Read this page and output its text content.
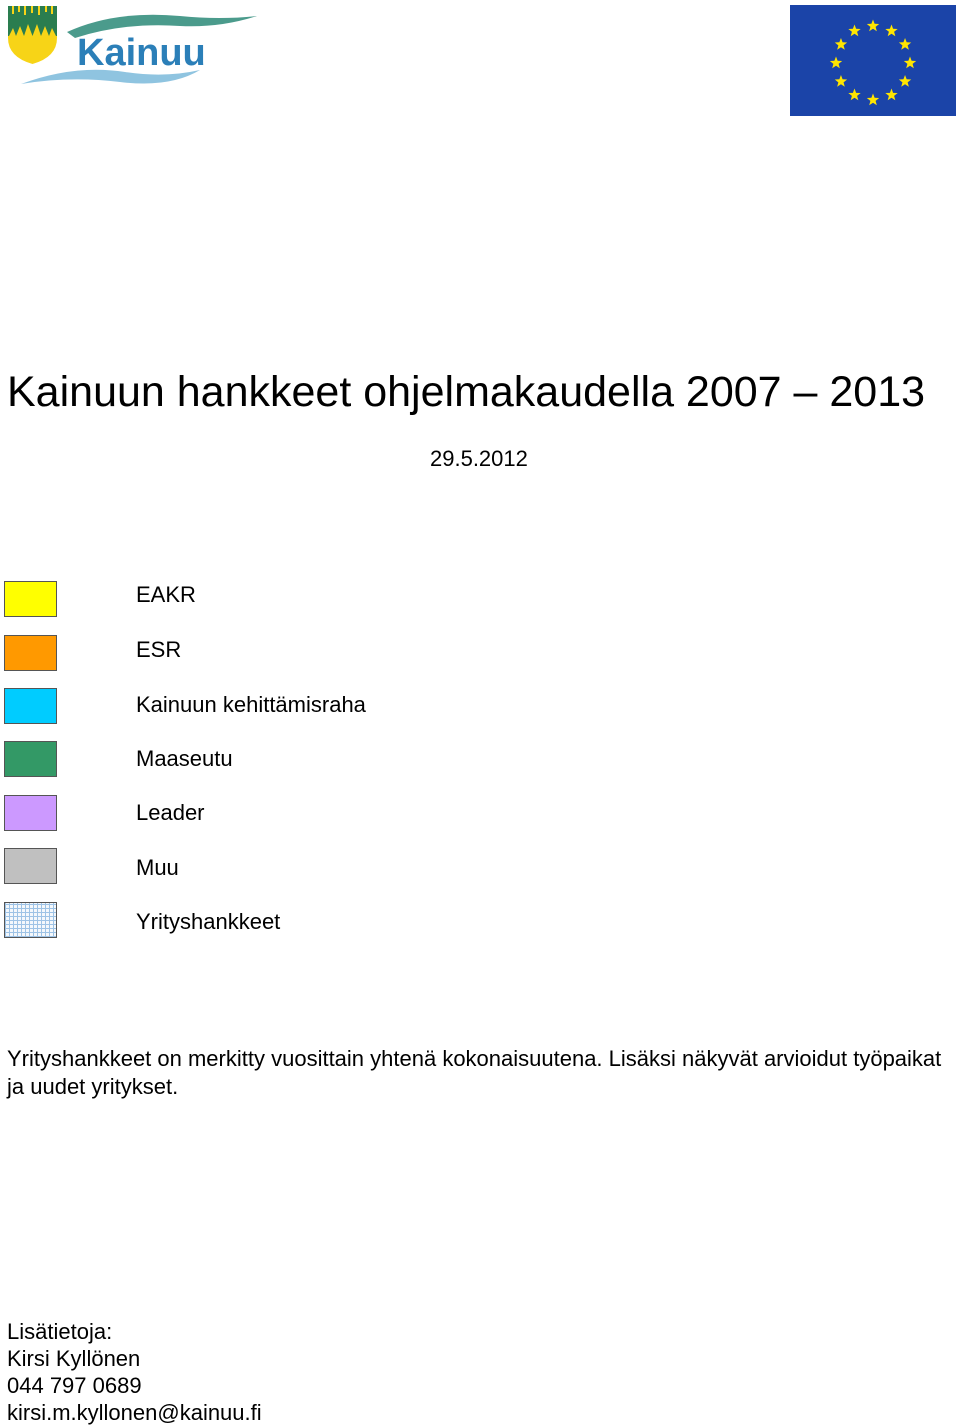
Kainuu
Kainuun hankkeet ohjelmakaudella 2007 – 2013
29.5.2012
EAKR
ESR
Kainuun kehittämisraha
Maaseutu
Leader
Muu
Yrityshankkeet
Yrityshankkeet on merkitty vuosittain yhtenä kokonaisuutena. Lisäksi näkyvät arvioidut työpaikat ja uudet yritykset.
Lisätietoja:
Kirsi Kyllönen
044 797 0689
kirsi.m.kyllonen@kainuu.fi
